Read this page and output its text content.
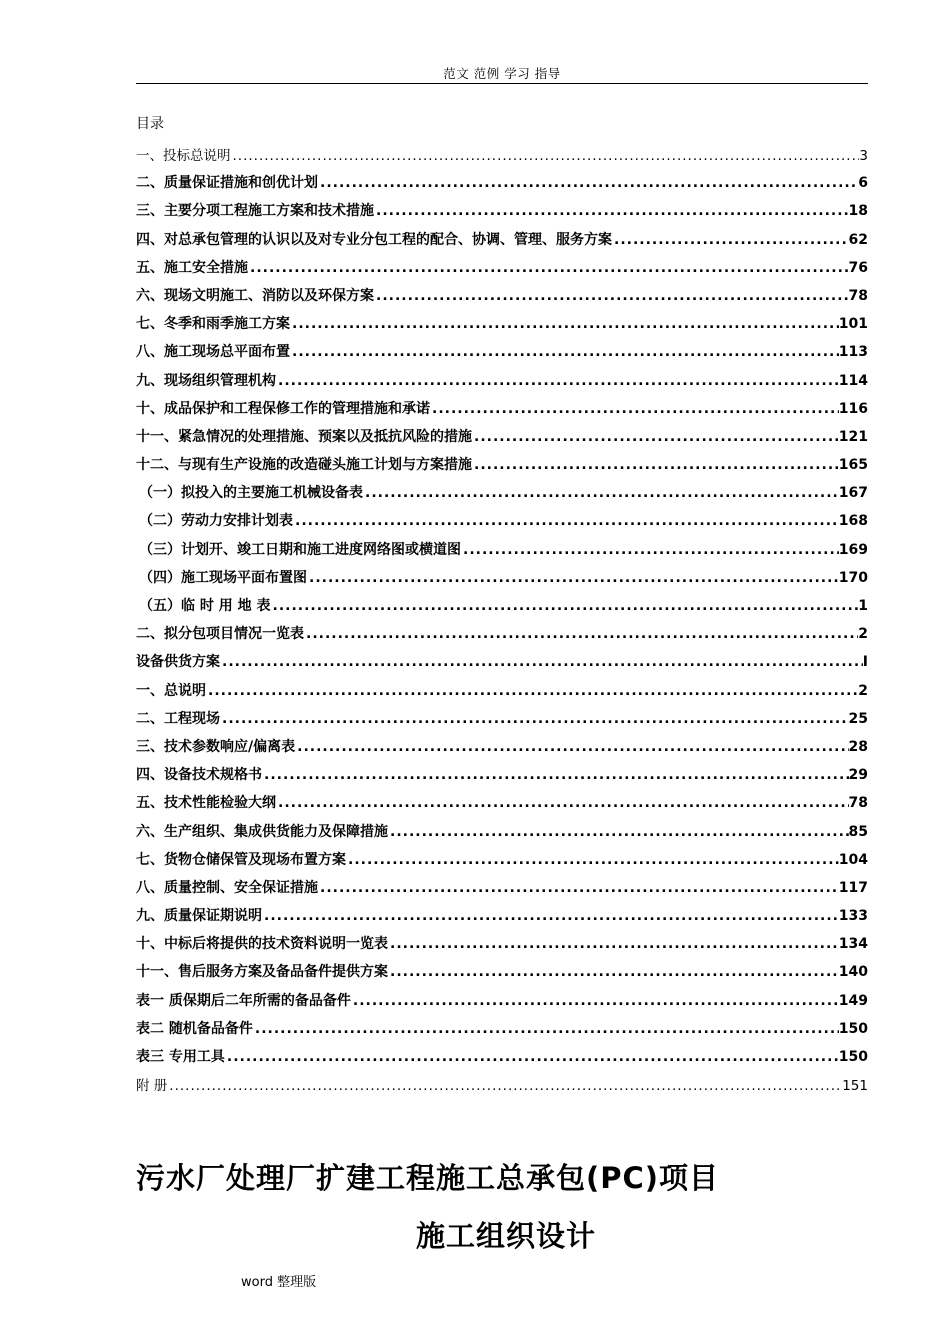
范文 范例 学习 指导
目录
一、投标总说明 .....	3
二、质量保证措施和创优计划 .....	6
三、主要分项工程施工方案和技术措施 .....	18
四、对总承包管理的认识以及对专业分包工程的配合、协调、管理、服务方案 .....	62
五、施工安全措施 .....	76
六、现场文明施工、消防以及环保方案 .....	78
七、冬季和雨季施工方案 .....	101
八、施工现场总平面布置 .....	113
九、现场组织管理机构 .....	114
十、成品保护和工程保修工作的管理措施和承诺 .....	116
十一、紧急情况的处理措施、预案以及抵抗风险的措施 .....	121
十二、与现有生产设施的改造碰头施工计划与方案措施 .....	165
（一）拟投入的主要施工机械设备表 .....	167
（二）劳动力安排计划表 .....	168
（三）计划开、竣工日期和施工进度网络图或横道图 .....	169
（四）施工现场平面布置图 .....	170
（五）临 时 用 地 表 .....	1
二、拟分包项目情况一览表 .....	2
设备供货方案 .....	I
一、总说明 .....	2
二、工程现场 .....	25
三、技术参数响应/偏离表 .....	28
四、设备技术规格书 .....	29
五、技术性能检验大纲 .....	78
六、生产组织、集成供货能力及保障措施 .....	85
七、货物仓储保管及现场布置方案 .....	104
八、质量控制、安全保证措施 .....	117
九、质量保证期说明 .....	133
十、中标后将提供的技术资料说明一览表 .....	134
十一、售后服务方案及备品备件提供方案 .....	140
表一 质保期后二年所需的备品备件 .....	149
表二 随机备品备件 .....	150
表三 专用工具 .....	150
附 册 .....	151
污水厂处理厂扩建工程施工总承包(PC)项目
施工组织设计
word 整理版
